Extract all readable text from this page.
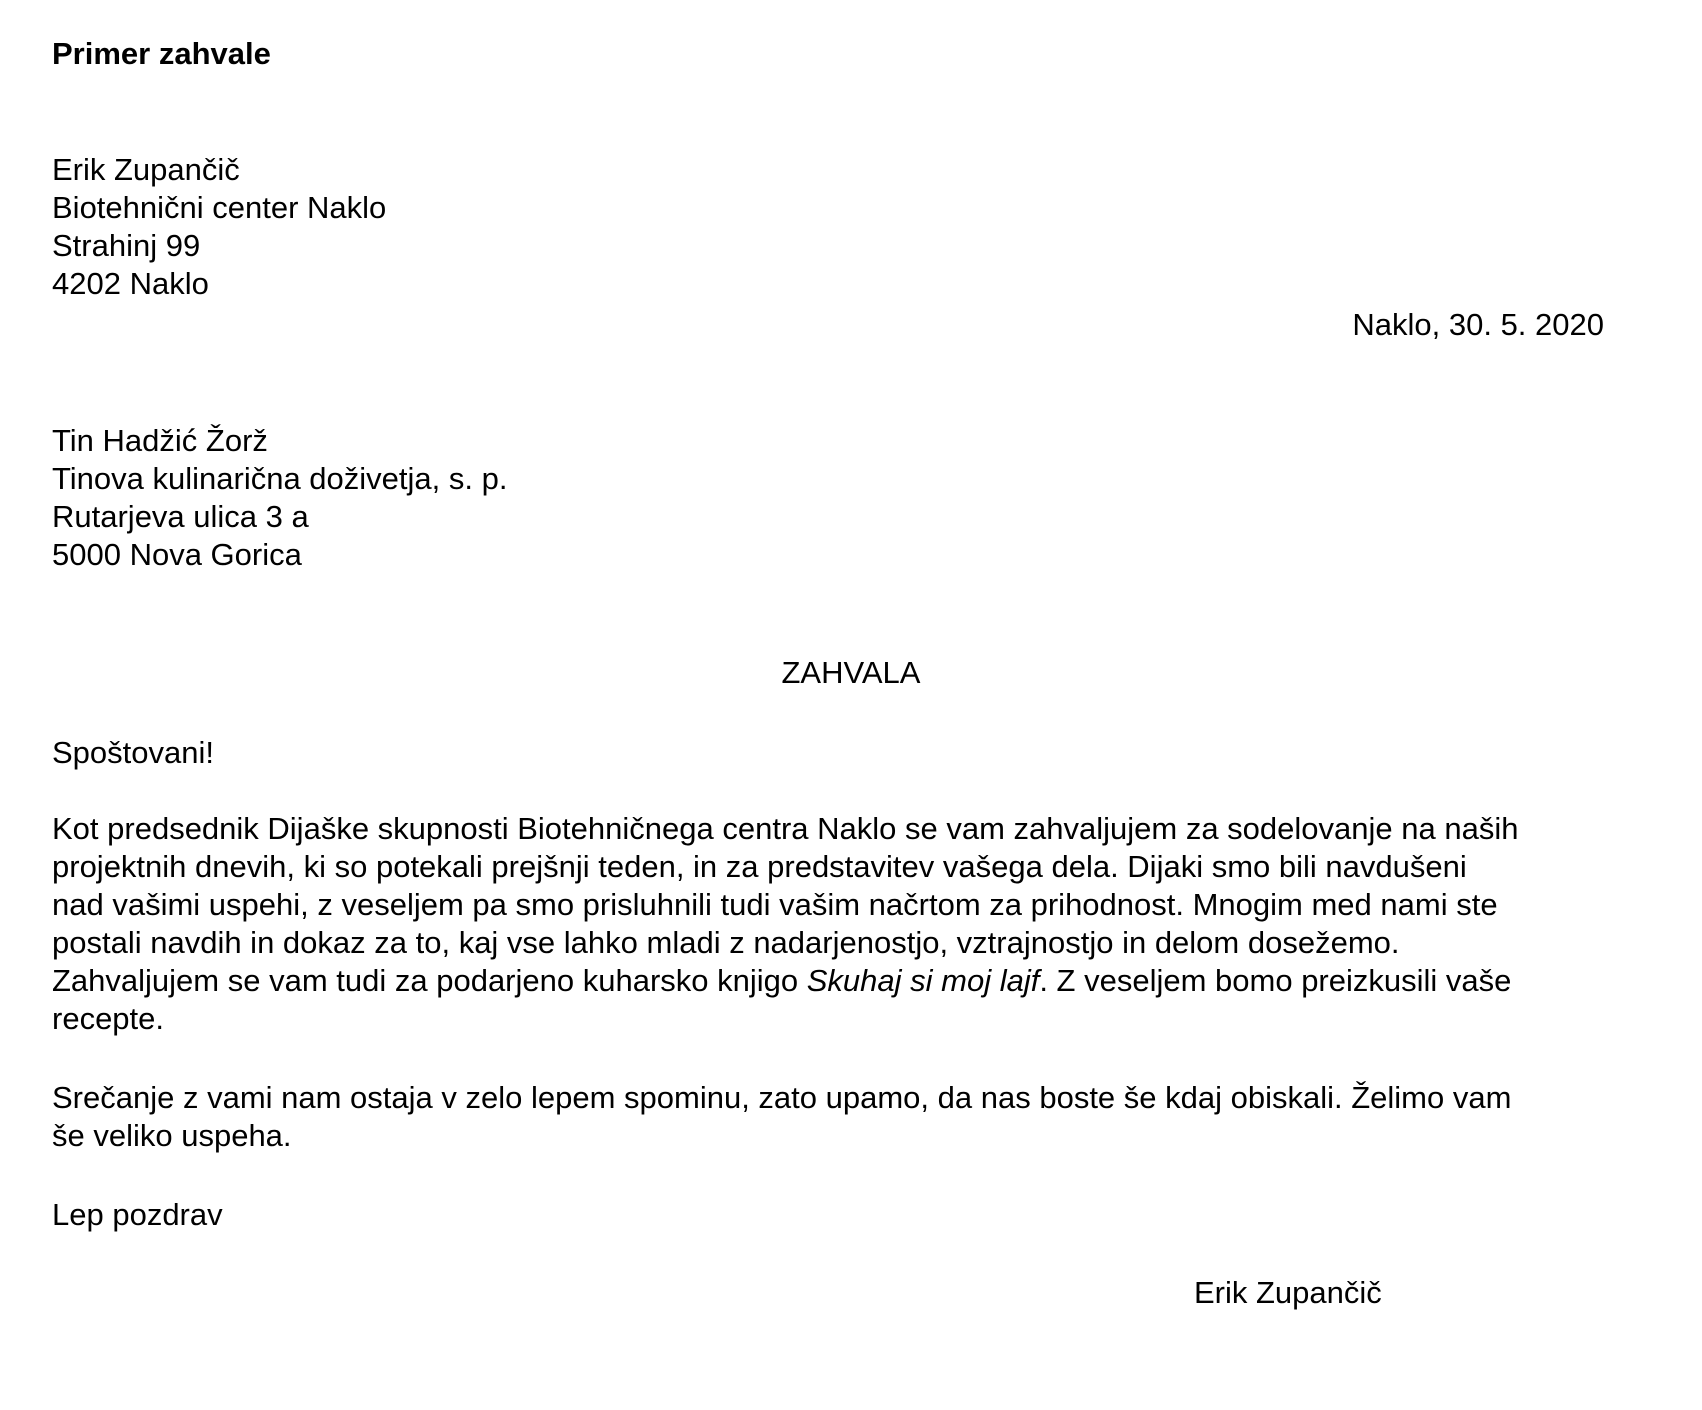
Primer zahvale
Erik Zupančič
Biotehnični center Naklo
Strahinj 99
4202 Naklo
Naklo, 30. 5. 2020
Tin Hadžić Žorž
Tinova kulinarična doživetja, s. p.
Rutarjeva ulica 3 a
5000 Nova Gorica
ZAHVALA
Spoštovani!
Kot predsednik Dijaške skupnosti Biotehničnega centra Naklo se vam zahvaljujem za sodelovanje na naših
projektnih dnevih, ki so potekali prejšnji teden, in za predstavitev vašega dela. Dijaki smo bili navdušeni
nad vašimi uspehi, z veseljem pa smo prisluhnili tudi vašim načrtom za prihodnost. Mnogim med nami ste
postali navdih in dokaz za to, kaj vse lahko mladi z nadarjenostjo, vztrajnostjo in delom dosežemo.
Zahvaljujem se vam tudi za podarjeno kuharsko knjigo Skuhaj si moj lajf. Z veseljem bomo preizkusili vaše
recepte.
Srečanje z vami nam ostaja v zelo lepem spominu, zato upamo, da nas boste še kdaj obiskali. Želimo vam
še veliko uspeha.
Lep pozdrav
Erik Zupančič
